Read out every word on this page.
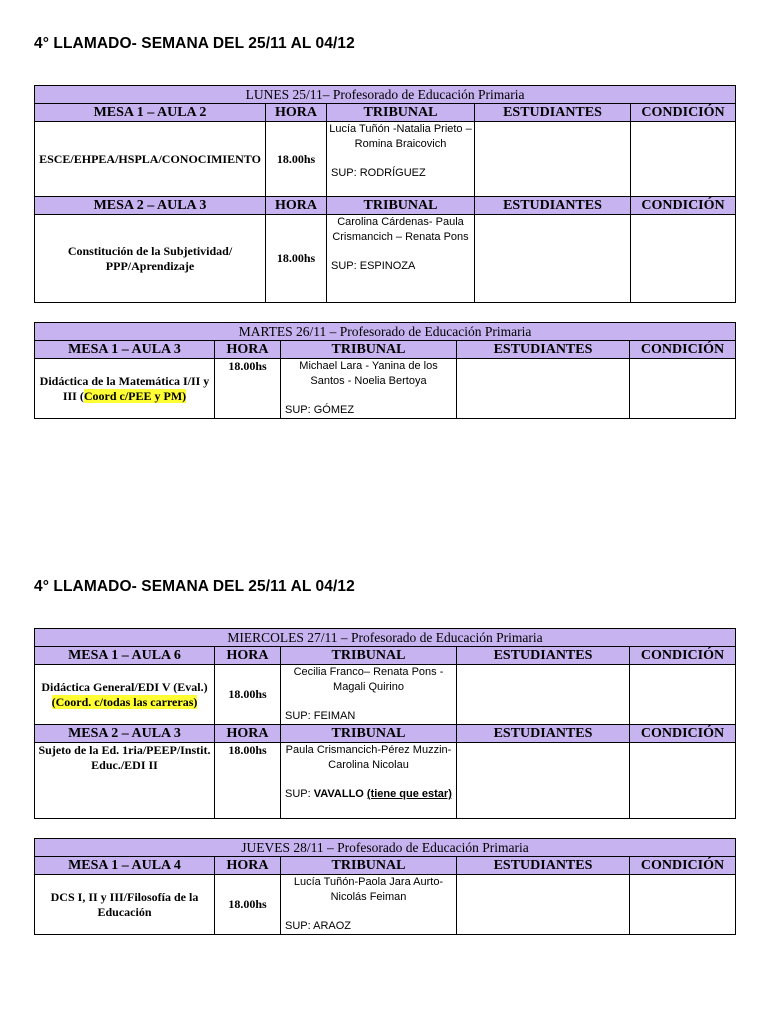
4° LLAMADO- SEMANA DEL 25/11 AL 04/12
LUNES 25/11– Profesorado de Educación Primaria				
MESA 1 – AULA 2	HORA	TRIBUNAL	ESTUDIANTES	CONDICIÓN
ESCE/EHPEA/HSPLA/CONOCIMIENTO	18.00hs	Lucía Tuñón -Natalia Prieto – Romina Braicovich
SUP: RODRÍGUEZ		

MESA 2 – AULA 3	HORA	TRIBUNAL	ESTUDIANTES	CONDICIÓN
Constitución de la Subjetividad/ PPP/Aprendizaje	18.00hs	Carolina Cárdenas- Paula Crismancich – Renata Pons
SUP: ESPINOZA		

MARTES 26/11 – Profesorado de Educación Primaria				
MESA 1 – AULA 3	HORA	TRIBUNAL	ESTUDIANTES	CONDICIÓN
Didáctica de la Matemática I/II y III (Coord c/PEE y PM)	18.00hs	Michael Lara - Yanina de los Santos - Noelia Bertoya
SUP: GÓMEZ		

4° LLAMADO- SEMANA DEL 25/11 AL 04/12
MIERCOLES 27/11 – Profesorado de Educación Primaria				
MESA 1 – AULA 6	HORA	TRIBUNAL	ESTUDIANTES	CONDICIÓN
Didáctica General/EDI V (Eval.) (Coord. c/todas las carreras)	18.00hs	Cecilia Franco– Renata Pons -Magali Quirino
SUP: FEIMAN		

MESA 2 – AULA 3	HORA	TRIBUNAL	ESTUDIANTES	CONDICIÓN
Sujeto de la Ed. 1ria/PEEP/Instit. Educ./EDI II	18.00hs	Paula Crismancich-Pérez Muzzin-Carolina Nicolau
SUP: VAVALLO (tiene que estar)		

JUEVES 28/11 – Profesorado de Educación Primaria				
MESA 1 – AULA 4	HORA	TRIBUNAL	ESTUDIANTES	CONDICIÓN
DCS I, II y III/Filosofía de la Educación	18.00hs	Lucía Tuñón-Paola Jara Aurto-Nicolás Feiman
SUP: ARAOZ		
